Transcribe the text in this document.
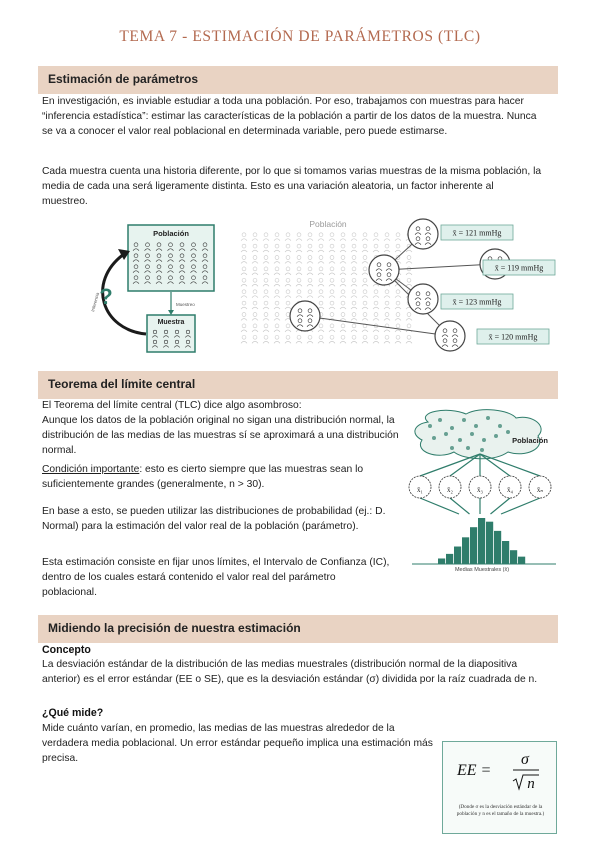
TEMA 7 - ESTIMACIÓN DE PARÁMETROS (TLC)
Estimación de parámetros

En investigación, es inviable estudiar a toda una población. Por eso, trabajamos con muestras para hacer “inferencia estadística”: estimar las características de la población a partir de los datos de la muestra. Nunca se va a conocer el valor real poblacional en determinada variable, pero puede estimarse.

Cada muestra cuenta una historia diferente, por lo que si tomamos varias muestras de la misma población, la media de cada una será ligeramente distinta. Esto es una variación aleatoria, un factor inherente al muestreo.

Población
Muestreo
Muestra
?
Inferencia
Población
x̄ = 121 mmHg
x̄ = 119 mmHg
x̄ = 123 mmHg
x̄ = 120 mmHg
Teorema del límite central

El Teorema del límite central (TLC) dice algo asombroso:

Aunque los datos de la población original no sigan una distribución normal, la distribución de las medias de las muestras sí se aproximará a una distribución normal.

Condición importante: esto es cierto siempre que las muestras sean lo suficientemente grandes (generalmente, n > 30).

En base a esto, se pueden utilizar las distribuciones de probabilidad (ej.: D. Normal) para la estimación del valor real de la población (parámetro).

Esta estimación consiste en fijar unos límites, el Intervalo de Confianza (IC), dentro de los cuales estará contenido el valor real del parámetro poblacional.

Población
x̄₁	x̄₂	x̄₃	x̄₄	x̄ₙ
Medias Muestrales (x̄)
Midiendo la precisión de nuestra estimación
Concepto

La desviación estándar de la distribución de las medias muestrales (distribución normal de la diapositiva anterior) es el error estándar (EE o SE), que es la desviación estándar (σ) dividida por la raíz cuadrada de n.

¿Qué mide?

Mide cuánto varían, en promedio, las medias de las muestras alrededor de la verdadera media poblacional. Un error estándar pequeño implica una estimación más precisa.

EE =
σ
n
(Donde σ es la desviación estándar de la población y n es el tamaño de la muestra.)
